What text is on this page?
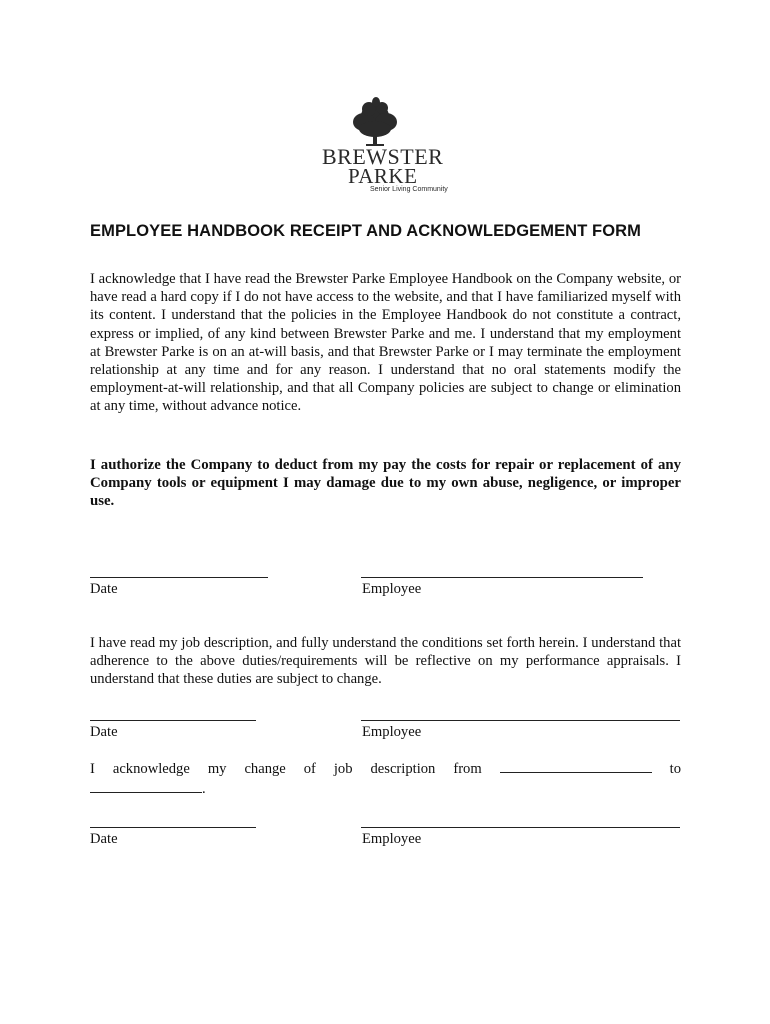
BREWSTER
PARKE
Senior Living Community
EMPLOYEE HANDBOOK RECEIPT AND ACKNOWLEDGEMENT FORM

I acknowledge that I have read the Brewster Parke Employee Handbook on the Company website, or have read a hard copy if I do not have access to the website, and that I have familiarized myself with its content. I understand that the policies in the Employee Handbook do not constitute a contract, express or implied, of any kind between Brewster Parke and me. I understand that my employment at Brewster Parke is on an at-will basis, and that Brewster Parke or I may terminate the employment relationship at any time and for any reason. I understand that no oral statements modify the employment-at-will relationship, and that all Company policies are subject to change or elimination at any time, without advance notice.

I authorize the Company to deduct from my pay the costs for repair or replacement of any Company tools or equipment I may damage due to my own abuse, negligence, or improper use.

Date	Employee

I have read my job description, and fully understand the conditions set forth herein. I understand that adherence to the above duties/requirements will be reflective on my performance appraisals. I understand that these duties are subject to change.

Date	Employee
I acknowledge my change of job description from	to
.
Date	Employee
